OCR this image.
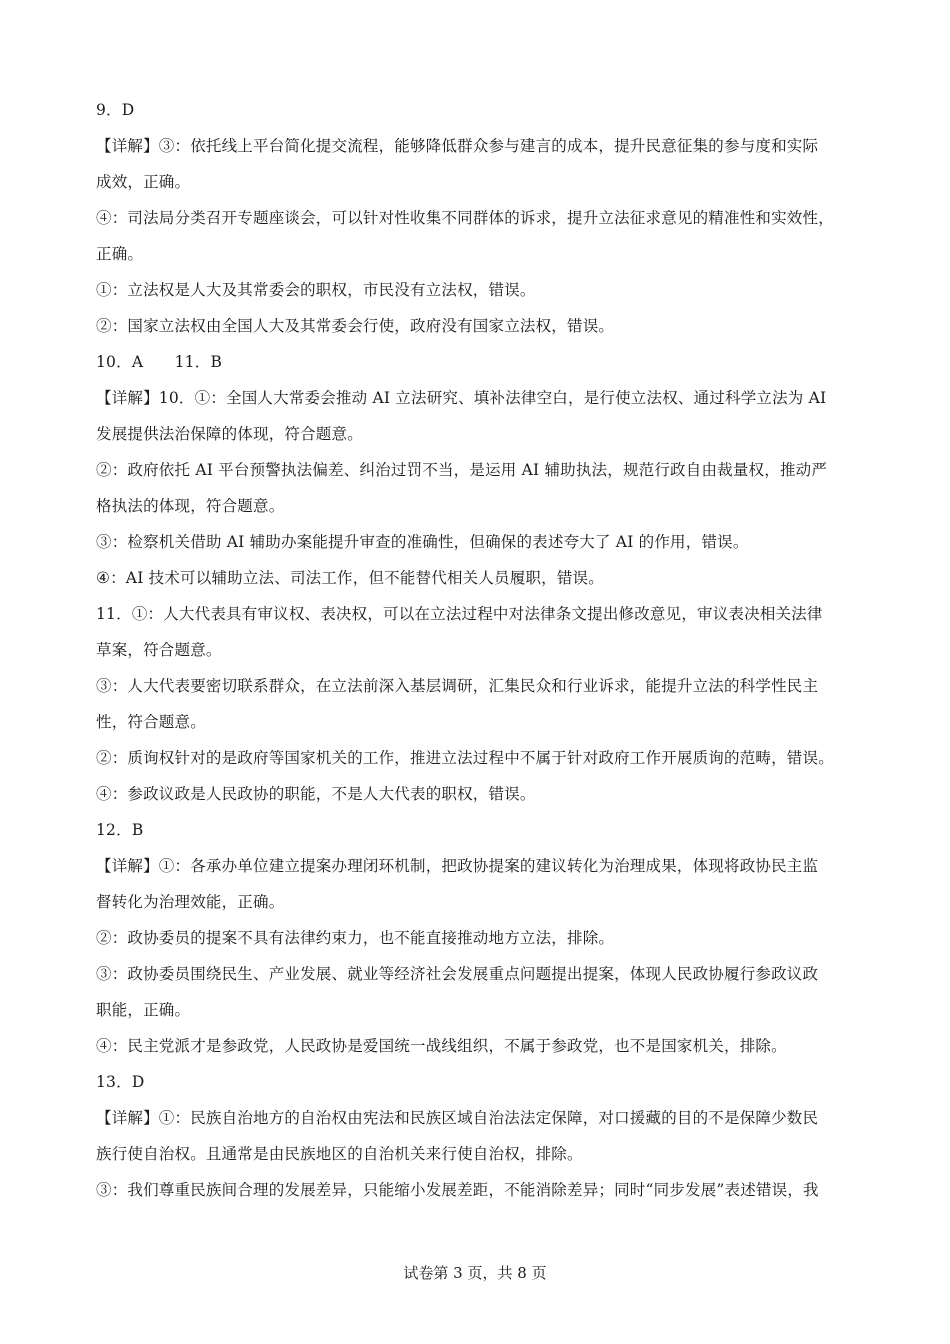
9．D
【详解】③：依托线上平台简化提交流程，能够降低群众参与建言的成本，提升民意征集的参与度和实际
成效，正确。
④：司法局分类召开专题座谈会，可以针对性收集不同群体的诉求，提升立法征求意见的精准性和实效性，
正确。
①：立法权是人大及其常委会的职权，市民没有立法权，错误。
②：国家立法权由全国人大及其常委会行使，政府没有国家立法权，错误。
10．A　　11．B
【详解】10．①：全国人大常委会推动 AI 立法研究、填补法律空白，是行使立法权、通过科学立法为 AI
发展提供法治保障的体现，符合题意。
②：政府依托 AI 平台预警执法偏差、纠治过罚不当，是运用 AI 辅助执法，规范行政自由裁量权，推动严
格执法的体现，符合题意。
③：检察机关借助 AI 辅助办案能提升审查的准确性，但确保的表述夸大了 AI 的作用，错误。
④：AI 技术可以辅助立法、司法工作，但不能替代相关人员履职，错误。
11．①：人大代表具有审议权、表决权，可以在立法过程中对法律条文提出修改意见，审议表决相关法律
草案，符合题意。
③：人大代表要密切联系群众，在立法前深入基层调研，汇集民众和行业诉求，能提升立法的科学性民主
性，符合题意。
②：质询权针对的是政府等国家机关的工作，推进立法过程中不属于针对政府工作开展质询的范畴，错误。
④：参政议政是人民政协的职能，不是人大代表的职权，错误。
12．B
【详解】①：各承办单位建立提案办理闭环机制，把政协提案的建议转化为治理成果，体现将政协民主监
督转化为治理效能，正确。
②：政协委员的提案不具有法律约束力，也不能直接推动地方立法，排除。
③：政协委员围绕民生、产业发展、就业等经济社会发展重点问题提出提案，体现人民政协履行参政议政
职能，正确。
④：民主党派才是参政党，人民政协是爱国统一战线组织，不属于参政党，也不是国家机关，排除。
13．D
【详解】①：民族自治地方的自治权由宪法和民族区域自治法法定保障，对口援藏的目的不是保障少数民
族行使自治权。且通常是由民族地区的自治机关来行使自治权，排除。
③：我们尊重民族间合理的发展差异，只能缩小发展差距，不能消除差异；同时“同步发展”表述错误，我
试卷第 3 页，共 8 页
